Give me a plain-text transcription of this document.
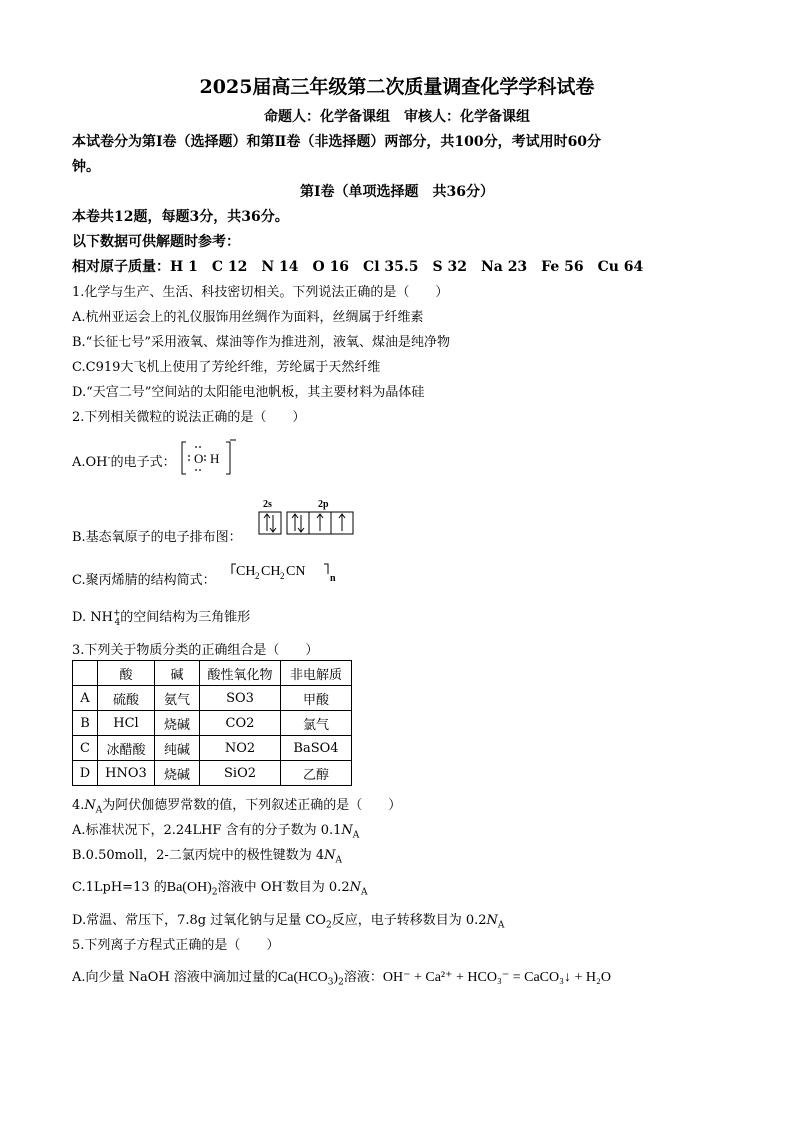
2025届高三年级第二次质量调查化学学科试卷
命题人：化学备课组　审核人：化学备课组
本试卷分为第Ⅰ卷（选择题）和第Ⅱ卷（非选择题）两部分，共100分，考试用时60分
钟。
第Ⅰ卷（单项选择题　共36分）
本卷共12题，每题3分，共36分。
以下数据可供解题时参考：
相对原子质量：H 1　C 12　N 14　O 16　Cl 35.5　S 32　Na 23　Fe 56　Cu 64
1.化学与生产、生活、科技密切相关。下列说法正确的是（　　）
A.杭州亚运会上的礼仪服饰用丝绸作为面料，丝绸属于纤维素
B.“长征七号”采用液氧、煤油等作为推进剂，液氧、煤油是纯净物
C.C919大飞机上使用了芳纶纤维，芳纶属于天然纤维
D.“天宫二号”空间站的太阳能电池帆板，其主要材料为晶体硅
2.下列相关微粒的说法正确的是（　　）
A.OH-的电子式： O H
B.基态氧原子的电子排布图：
2s	2p
C.聚丙烯腈的结构简式：
CH 2 CH 2 CN n
D. $NH^+_4$的空间结构为三角锥形
3.下列关于物质分类的正确组合是（　　）
	酸	碱	酸性氧化物	非电解质
A	硫酸	氨气	SO3	甲酸
B	HCl	烧碱	CO2	氯气
C	冰醋酸	纯碱	NO2	BaSO4
D	HNO3	烧碱	SiO2	乙醇
$4.N_A$为阿伏伽德罗常数的值，下列叙述正确的是（　　）
A.标准状况下，2.24LHF 含有的分子数为 $0.1N_A$
B.0.50moll，2-二氯丙烷中的极性键数为 $4N_A$
C.1LpH=13 的$Ba(OH)_2$溶液中 OH-数目为 $0.2N_A$
D.常温、常压下，7.8g 过氧化钠与足量 $CO_2$反应，电子转移数目为 $0.2N_A$
5.下列离子方程式正确的是（　　）
A.向少量 NaOH 溶液中滴加过量的$Ca(HCO_3)_2$溶液：OH⁻ + Ca²⁺ + HCO₃⁻ = CaCO₃↓ + H₂O
